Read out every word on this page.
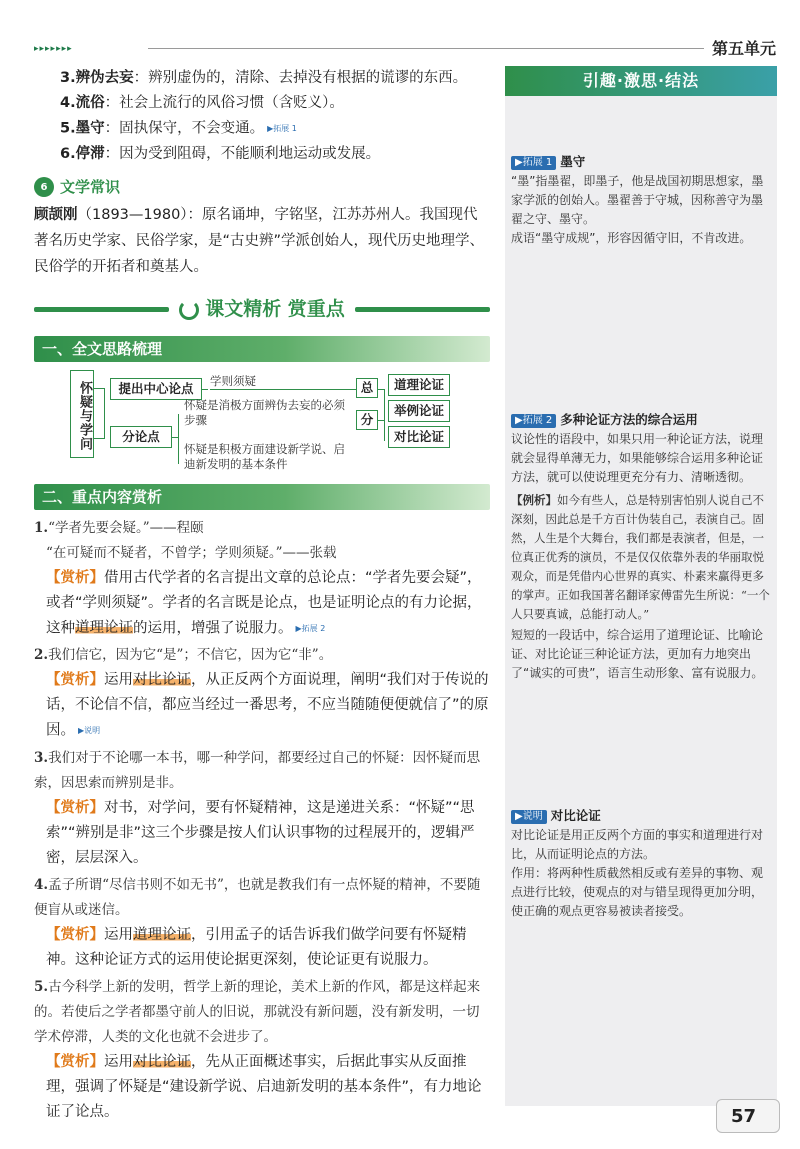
▸▸▸▸▸▸▸	第五单元
3.辨伪去妄：辨别虚伪的，清除、去掉没有根据的谎谬的东西。
4.流俗：社会上流行的风俗习惯（含贬义）。
5.墨守：固执保守，不会变通。 ▶拓展 1
6.停滞：因为受到阻碍，不能顺利地运动或发展。
6 文学常识
顾颉刚（1893—1980）：原名诵坤，字铭坚，江苏苏州人。我国现代著名历史学家、民俗学家，是“古史辨”学派创始人，现代历史地理学、民俗学的开拓者和奠基人。
课文精析 赏重点
一、全文思路梳理
怀疑与学问	提出中心论点	学则须疑
分论点
怀疑是消极方面辨伪去妄的必须步骤
怀疑是积极方面建设新学说、启迪新发明的基本条件
总
分
道理论证
举例论证
对比论证
二、重点内容赏析
1.“学者先要会疑。”——程颐
“在可疑而不疑者，不曾学；学则须疑。”——张载
【赏析】借用古代学者的名言提出文章的总论点：“学者先要会疑”，或者“学则须疑”。学者的名言既是论点，也是证明论点的有力论据，这种道理论证的运用，增强了说服力。 ▶拓展 2
2.我们信它，因为它“是”；不信它，因为它“非”。
【赏析】运用对比论证，从正反两个方面说理，阐明“我们对于传说的话，不论信不信，都应当经过一番思考，不应当随随便便就信了”的原因。 ▶说明
3.我们对于不论哪一本书，哪一种学问，都要经过自己的怀疑：因怀疑而思索，因思索而辨别是非。
【赏析】对书，对学问，要有怀疑精神，这是递进关系：“怀疑”“思索”“辨别是非”这三个步骤是按人们认识事物的过程展开的，逻辑严密，层层深入。
4.孟子所谓“尽信书则不如无书”，也就是教我们有一点怀疑的精神，不要随便盲从或迷信。
【赏析】运用道理论证，引用孟子的话告诉我们做学问要有怀疑精神。这种论证方式的运用使论据更深刻，使论证更有说服力。
5.古今科学上新的发明，哲学上新的理论，美术上新的作风，都是这样起来的。若使后之学者都墨守前人的旧说，那就没有新问题，没有新发明，一切学术停滞，人类的文化也就不会进步了。
【赏析】运用对比论证，先从正面概述事实，后据此事实从反面推理，强调了怀疑是“建设新学说、启迪新发明的基本条件”，有力地论证了论点。
引趣·激思·结法
▶拓展 1 墨守
“墨”指墨翟，即墨子，他是战国初期思想家，墨家学派的创始人。墨翟善于守城，因称善守为墨翟之守、墨守。
成语“墨守成规”，形容因循守旧，不肯改进。
▶拓展 2 多种论证方法的综合运用
议论性的语段中，如果只用一种论证方法，说理就会显得单薄无力，如果能够综合运用多种论证方法，就可以使说理更充分有力、清晰透彻。
【例析】如今有些人，总是特别害怕别人说自己不深刻，因此总是千方百计伪装自己，表演自己。固然，人生是个大舞台，我们都是表演者，但是，一位真正优秀的演员，不是仅仅依靠外表的华丽取悦观众，而是凭借内心世界的真实、朴素来赢得更多的掌声。正如我国著名翻译家傅雷先生所说：“一个人只要真诚，总能打动人。”
短短的一段话中，综合运用了道理论证、比喻论证、对比论证三种论证方法，更加有力地突出了“诚实的可贵”，语言生动形象、富有说服力。
▶说明 对比论证
对比论证是用正反两个方面的事实和道理进行对比，从而证明论点的方法。
作用：将两种性质截然相反或有差异的事物、观点进行比较，使观点的对与错呈现得更加分明，使正确的观点更容易被读者接受。
57
